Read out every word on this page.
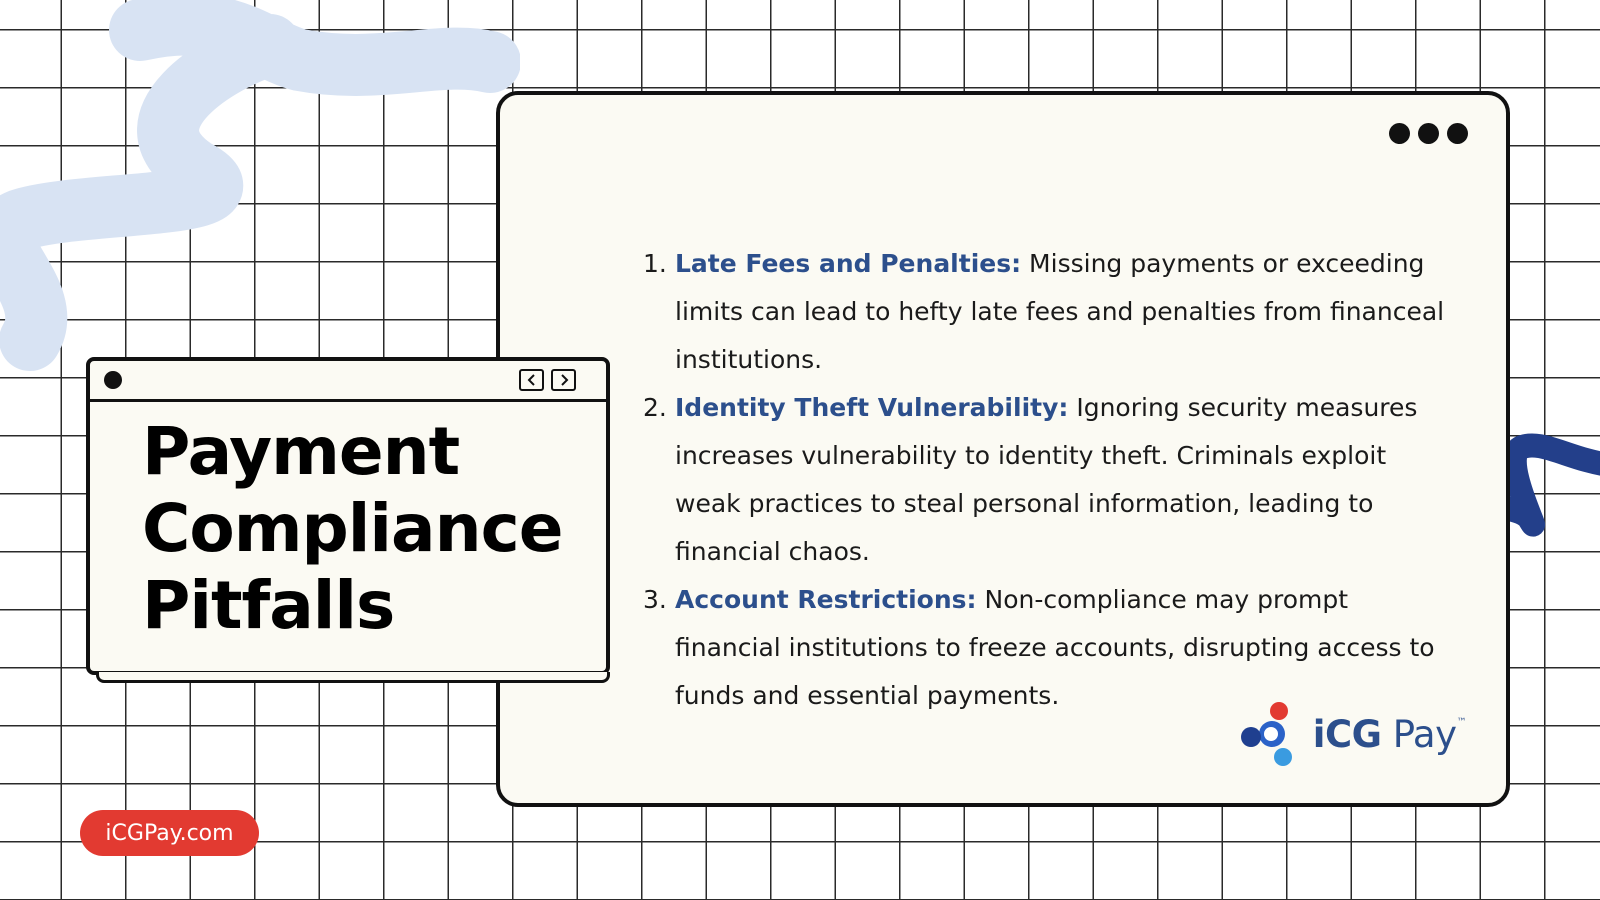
1. Late Fees and Penalties: Missing payments or exceeding limits can lead to hefty late fees and penalties from financeal institutions.
2. Identity Theft Vulnerability: Ignoring security measures increases vulnerability to identity theft. Criminals exploit weak practices to steal personal information, leading to financial chaos.
3. Account Restrictions: Non-compliance may prompt financial institutions to freeze accounts, disrupting access to funds and essential payments.
iCG Pay™
Payment
Compliance
Pitfalls
iCGPay.com
